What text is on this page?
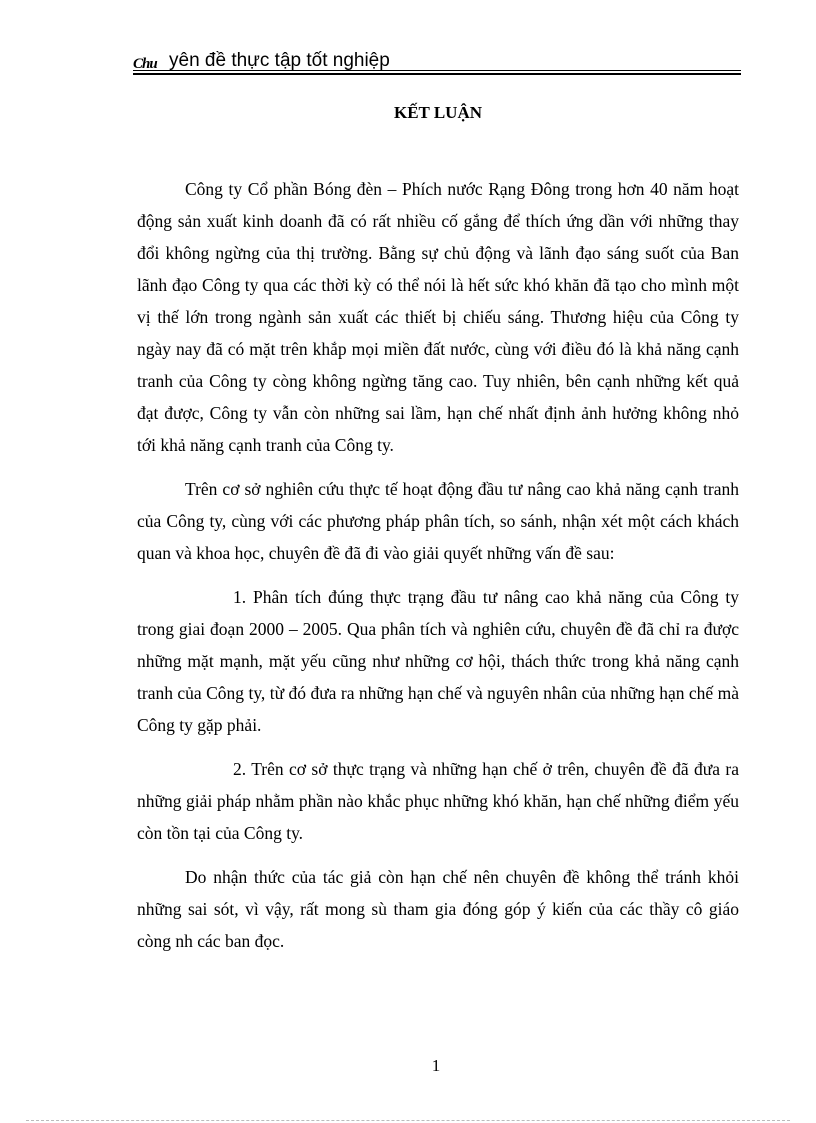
Chu yên đề thực tập tốt nghiệp
KẾT LUẬN

Công ty Cổ phần Bóng đèn – Phích nước Rạng Đông trong hơn 40 năm hoạt động sản xuất kinh doanh đã có rất nhiều cố gắng để thích ứng dần với những thay đổi không ngừng của thị trường. Bằng sự chủ động và lãnh đạo sáng suốt của Ban lãnh đạo Công ty qua các thời kỳ có thể nói là hết sức khó khăn đã tạo cho mình một vị thế lớn trong ngành sản xuất các thiết bị chiếu sáng. Thương hiệu của Công ty ngày nay đã có mặt trên khắp mọi miền đất nước, cùng với điều đó là khả năng cạnh tranh của Công ty còng không ngừng tăng cao. Tuy nhiên, bên cạnh những kết quả đạt được, Công ty vẫn còn những sai lầm, hạn chế nhất định ảnh hưởng không nhỏ tới khả năng cạnh tranh của Công ty.

Trên cơ sở nghiên cứu thực tế hoạt động đầu tư nâng cao khả năng cạnh tranh của Công ty, cùng với các phương pháp phân tích, so sánh, nhận xét một cách khách quan và khoa học, chuyên đề đã đi vào giải quyết những vấn đề sau:

1. Phân tích đúng thực trạng đầu tư nâng cao khả năng của Công ty trong giai đoạn 2000 – 2005. Qua phân tích và nghiên cứu, chuyên đề đã chỉ ra được những mặt mạnh, mặt yếu cũng như những cơ hội, thách thức trong khả năng cạnh tranh của Công ty, từ đó đưa ra những hạn chế và nguyên nhân của những hạn chế mà Công ty gặp phải.

2. Trên cơ sở thực trạng và những hạn chế ở trên, chuyên đề đã đưa ra những giải pháp nhằm phần nào khắc phục những khó khăn, hạn chế những điểm yếu còn tồn tại của Công ty.

Do nhận thức của tác giả còn hạn chế nên chuyên đề không thể tránh khỏi những sai sót, vì vậy, rất mong sù tham gia đóng góp ý kiến của các thầy cô giáo còng nh các ban đọc.

1
